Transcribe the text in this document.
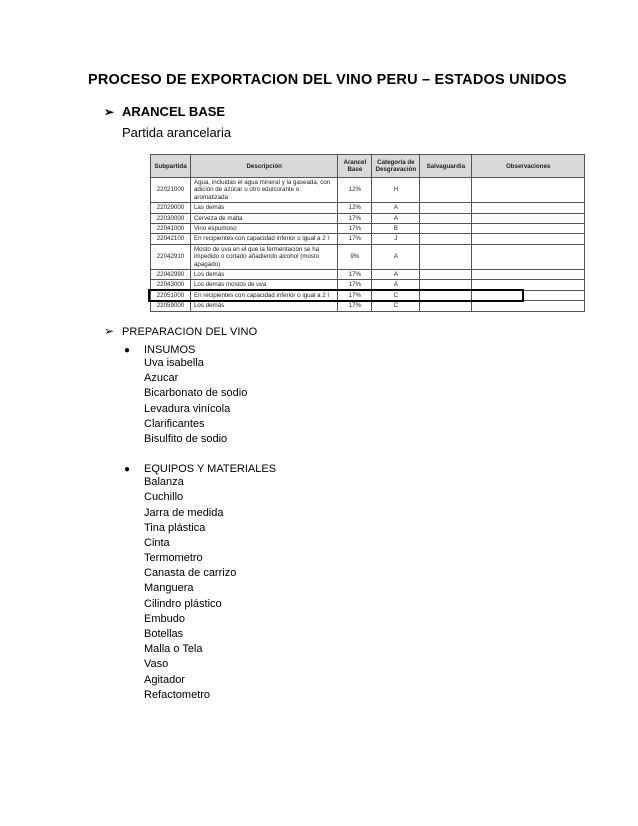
PROCESO DE EXPORTACION DEL VINO PERU – ESTADOS UNIDOS
➢ ARANCEL BASE
Partida arancelaria
Subpartida	Descripción	Arancel Base	Categoría de Desgravación	Salvaguardia	Observaciones
22021000	Agua, incluidas el agua mineral y la gaseada, con adición de azúcar u otro edulcorante o aromatizada	12%	H		
22029000	Las demás	12%	A		
22030000	Cerveza de malta	17%	A		
22041000	Vino espumoso	17%	B		
22042100	En recipientes con capacidad inferior o igual a 2 l	17%	J		
22042910	Mosto de uva en el que la fermentación se ha impedido o cortado añadiendo alcohol (mosto apagado)	9%	A		
22042990	Los demás	17%	A		
22043000	Los demás mostos de uva	17%	A		
22051000	En recipientes con capacidad inferior o igual a 2 l	17%	C		
22059000	Los demás	17%	C		
➢ PREPARACION DEL VINO
●	INSUMOS
Uva isabella
Azucar
Bicarbonato de sodio
Levadura vinícola
Clarificantes
Bisulfito de sodio
●	EQUIPOS Y MATERIALES
Balanza
Cuchillo
Jarra de medida
Tina plástica
Cinta
Termometro
Canasta de carrizo
Manguera
Cilindro plástico
Embudo
Botellas
Malla o Tela
Vaso
Agitador
Refactometro
